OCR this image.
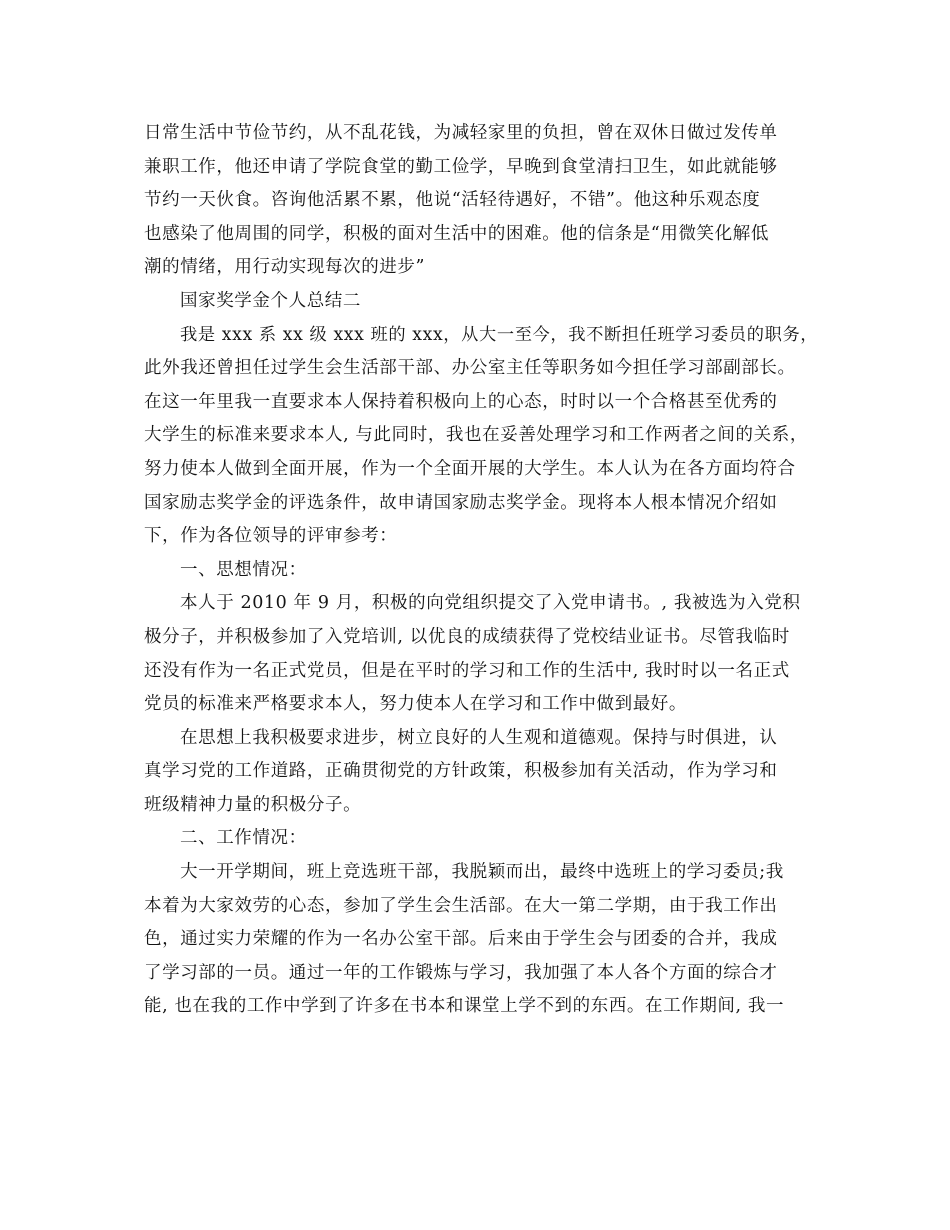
日常生活中节俭节约，从不乱花钱，为减轻家里的负担，曾在双休日做过发传单
兼职工作，他还申请了学院食堂的勤工俭学，早晚到食堂清扫卫生，如此就能够
节约一天伙食。咨询他活累不累，他说“活轻待遇好，不错”。他这种乐观态度
也感染了他周围的同学，积极的面对生活中的困难。他的信条是“用微笑化解低
潮的情绪，用行动实现每次的进步”
国家奖学金个人总结二
我是 xxx 系 xx 级 xxx 班的 xxx，从大一至今，我不断担任班学习委员的职务，
此外我还曾担任过学生会生活部干部、办公室主任等职务如今担任学习部副部长。
在这一年里我一直要求本人保持着积极向上的心态，时时以一个合格甚至优秀的
大学生的标准来要求本人, 与此同时，我也在妥善处理学习和工作两者之间的关系，
努力使本人做到全面开展，作为一个全面开展的大学生。本人认为在各方面均符合
国家励志奖学金的评选条件，故申请国家励志奖学金。现将本人根本情况介绍如
下，作为各位领导的评审参考：
一、思想情况：
本人于 2010 年 9 月，积极的向党组织提交了入党申请书。, 我被选为入党积
极分子，并积极参加了入党培训, 以优良的成绩获得了党校结业证书。尽管我临时
还没有作为一名正式党员，但是在平时的学习和工作的生活中, 我时时以一名正式
党员的标准来严格要求本人，努力使本人在学习和工作中做到最好。
在思想上我积极要求进步，树立良好的人生观和道德观。保持与时俱进，认
真学习党的工作道路，正确贯彻党的方针政策，积极参加有关活动，作为学习和
班级精神力量的积极分子。
二、工作情况：
大一开学期间，班上竞选班干部，我脱颖而出，最终中选班上的学习委员;我
本着为大家效劳的心态，参加了学生会生活部。在大一第二学期，由于我工作出
色，通过实力荣耀的作为一名办公室干部。后来由于学生会与团委的合并，我成
了学习部的一员。通过一年的工作锻炼与学习，我加强了本人各个方面的综合才
能, 也在我的工作中学到了许多在书本和课堂上学不到的东西。在工作期间, 我一
